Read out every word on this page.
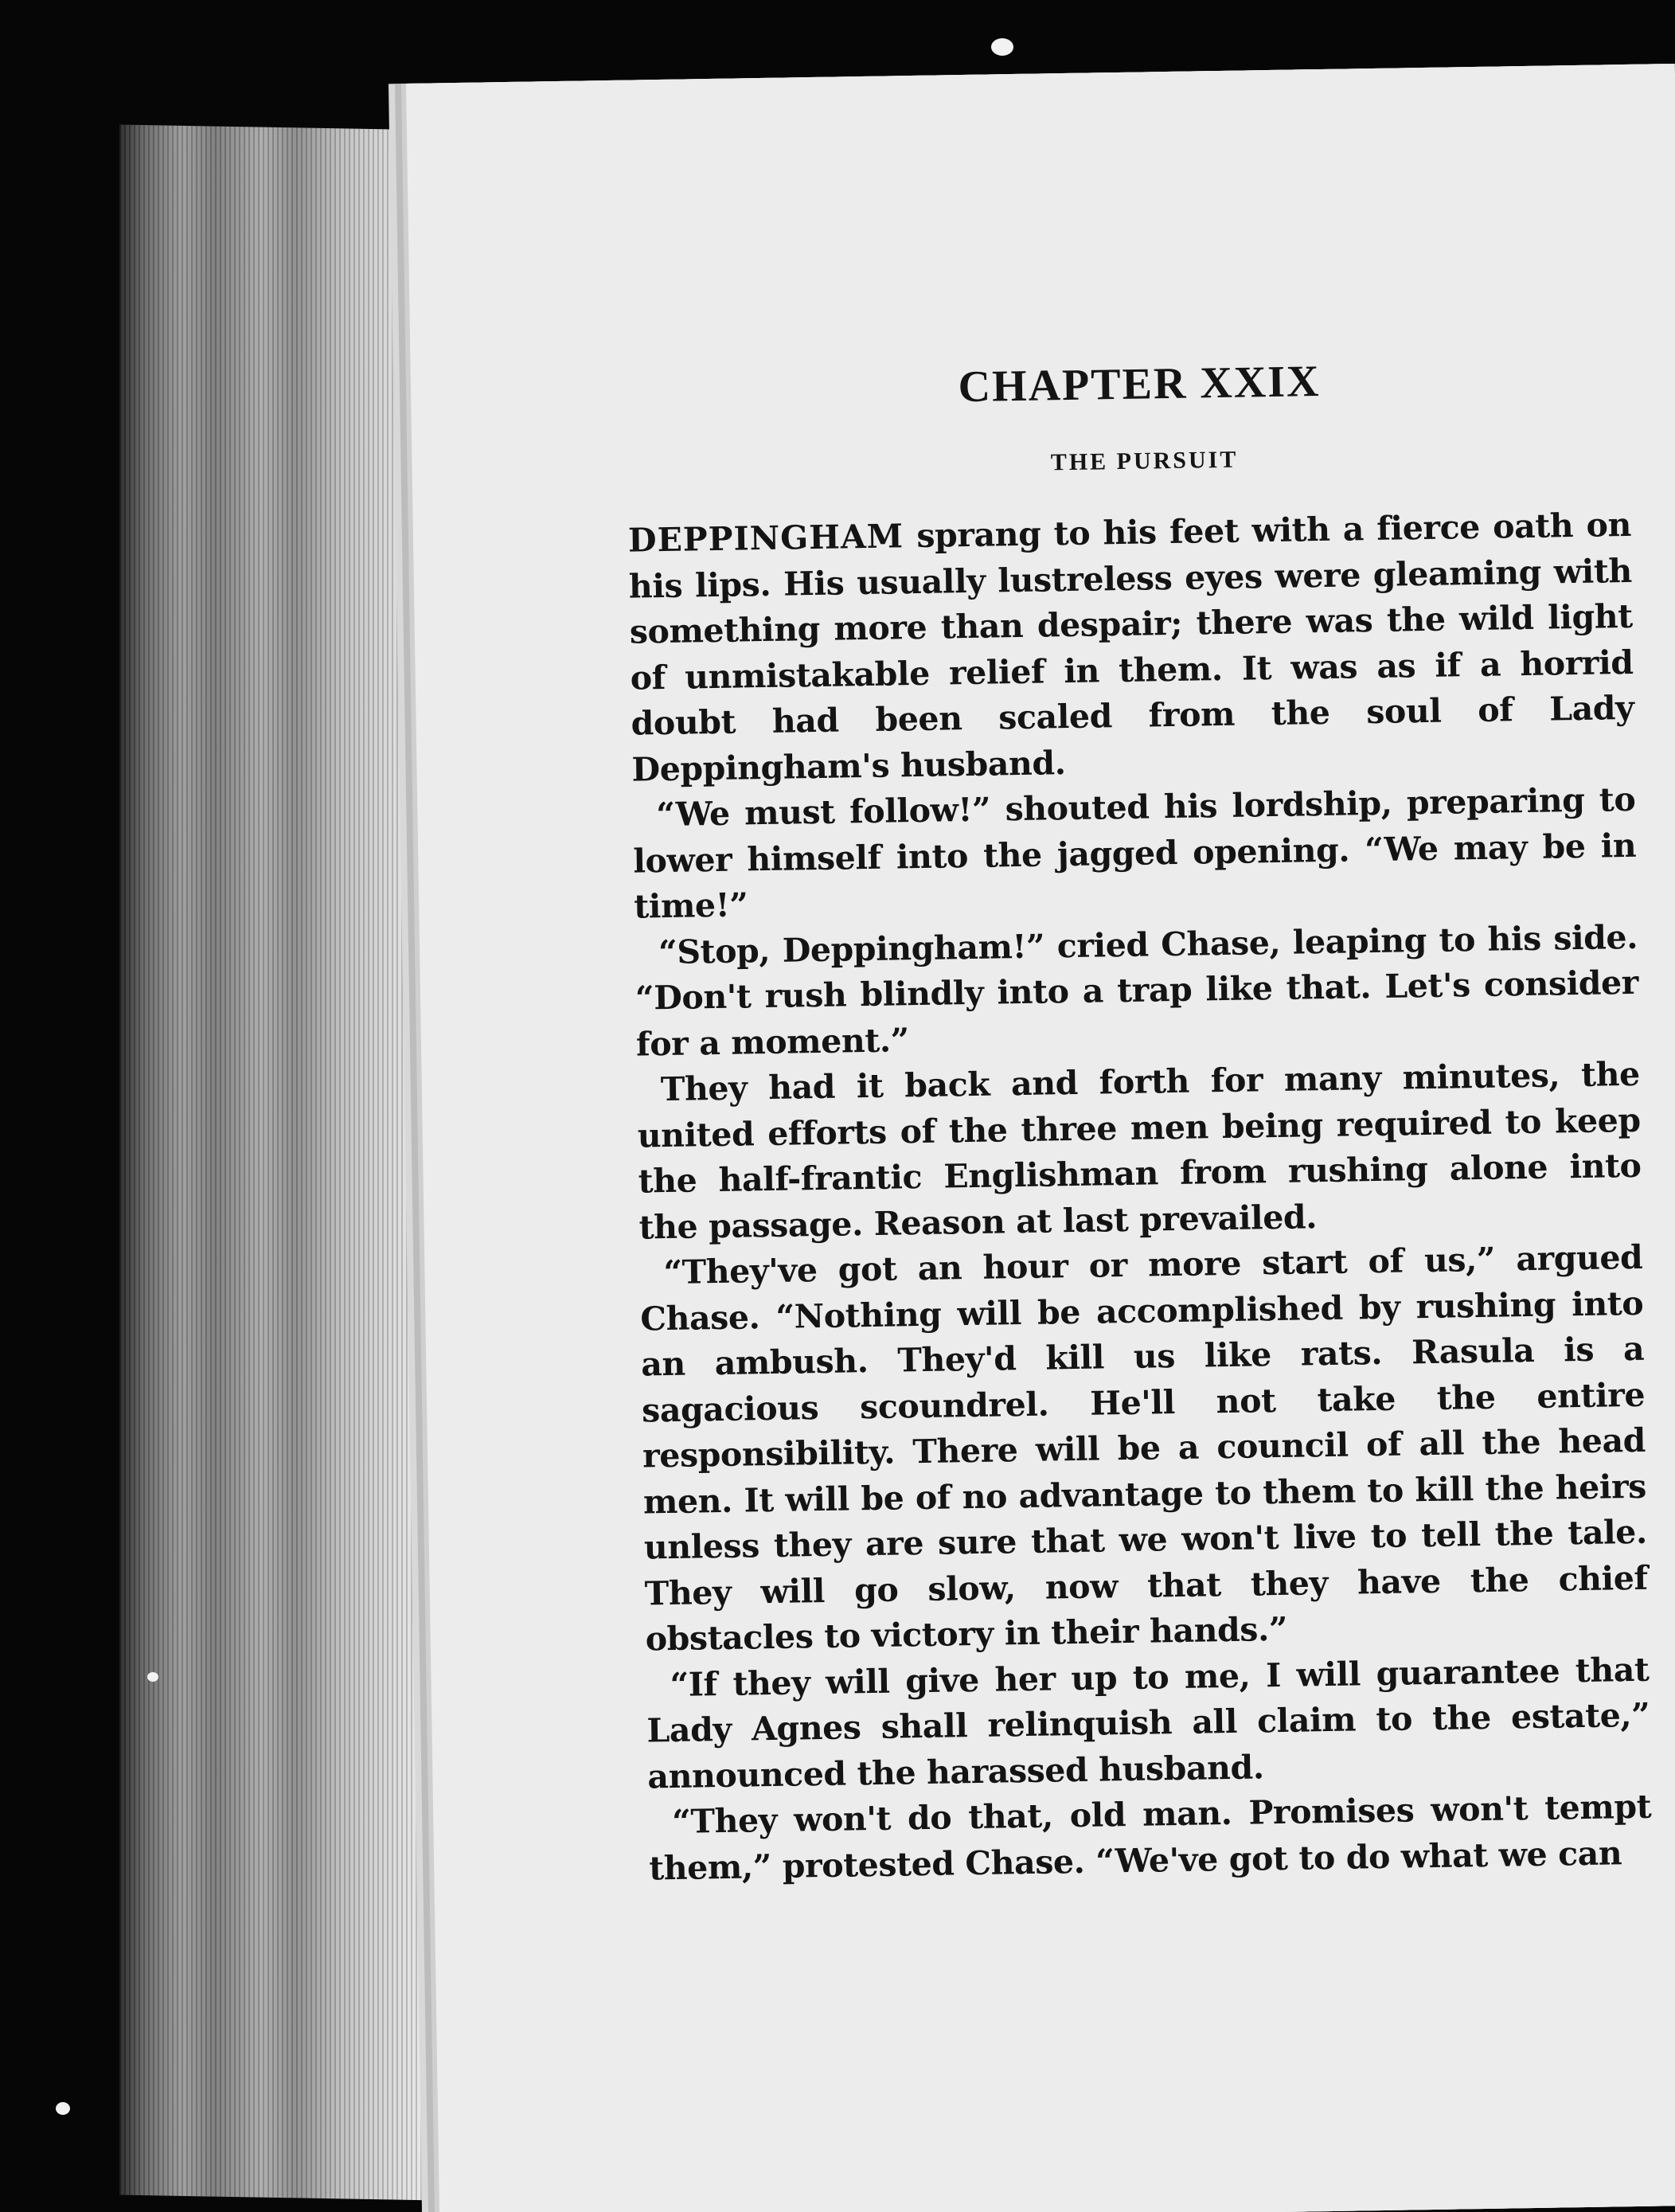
CHAPTER XXIX
THE PURSUIT

DEPPINGHAM sprang to his feet with a fierce oath on his lips. His usually lustreless eyes were gleaming with something more than despair; there was the wild light of unmistakable relief in them. It was as if a horrid doubt had been scaled from the soul of Lady Deppingham's husband.

“We must follow!” shouted his lordship, preparing to lower himself into the jagged opening. “We may be in time!”

“Stop, Deppingham!” cried Chase, leaping to his side. “Don't rush blindly into a trap like that. Let's consider for a moment.”

They had it back and forth for many minutes, the united efforts of the three men being required to keep the half-frantic Englishman from rushing alone into the passage. Reason at last prevailed.

“They've got an hour or more start of us,” argued Chase. “Nothing will be accomplished by rushing into an ambush. They'd kill us like rats. Rasula is a sagacious scoundrel. He'll not take the entire responsibility. There will be a council of all the head men. It will be of no advantage to them to kill the heirs unless they are sure that we won't live to tell the tale. They will go slow, now that they have the chief obstacles to victory in their hands.”

“If they will give her up to me, I will guarantee that Lady Agnes shall relinquish all claim to the estate,” announced the harassed husband.

“They won't do that, old man. Promises won't tempt them,” protested Chase. “We've got to do what we can
